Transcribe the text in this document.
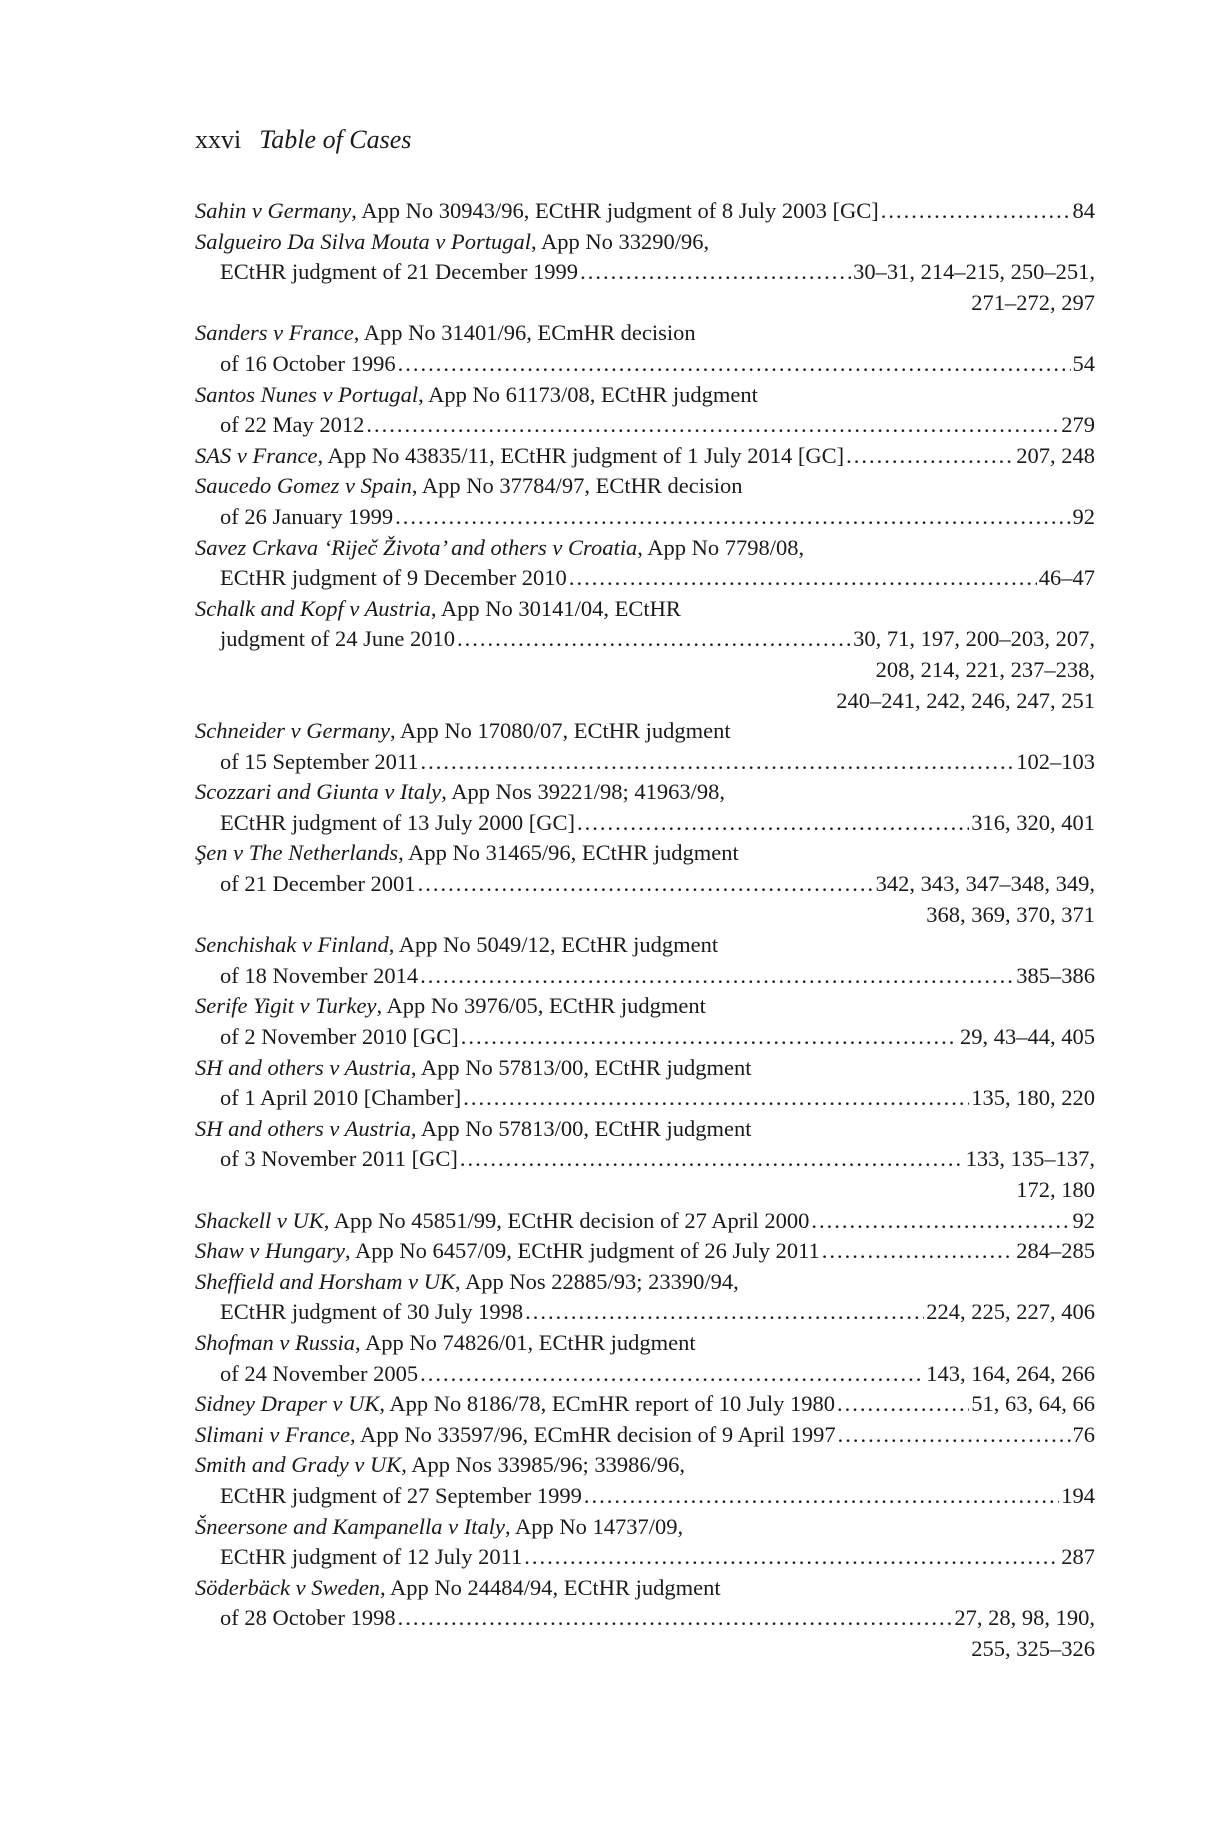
xxvi Table of Cases
Sahin v Germany, App No 30943/96, ECtHR judgment of 8 July 2003 [GC] .....	84
Salgueiro Da Silva Mouta v Portugal, App No 33290/96,
ECtHR judgment of 21 December 1999 .....	30–31, 214–215, 250–251,
271–272, 297
Sanders v France, App No 31401/96, ECmHR decision
of 16 October 1996 .....	54
Santos Nunes v Portugal, App No 61173/08, ECtHR judgment
of 22 May 2012 .....	279
SAS v France, App No 43835/11, ECtHR judgment of 1 July 2014 [GC] .....	207, 248
Saucedo Gomez v Spain, App No 37784/97, ECtHR decision
of 26 January 1999 .....	92
Savez Crkava ‘Riječ Života’ and others v Croatia, App No 7798/08,
ECtHR judgment of 9 December 2010 .....	46–47
Schalk and Kopf v Austria, App No 30141/04, ECtHR
judgment of 24 June 2010 .....	30, 71, 197, 200–203, 207,
208, 214, 221, 237–238,
240–241, 242, 246, 247, 251
Schneider v Germany, App No 17080/07, ECtHR judgment
of 15 September 2011 .....	102–103
Scozzari and Giunta v Italy, App Nos 39221/98; 41963/98,
ECtHR judgment of 13 July 2000 [GC] .....	316, 320, 401
Şen v The Netherlands, App No 31465/96, ECtHR judgment
of 21 December 2001 .....	342, 343, 347–348, 349,
368, 369, 370, 371
Senchishak v Finland, App No 5049/12, ECtHR judgment
of 18 November 2014 .....	385–386
Serife Yigit v Turkey, App No 3976/05, ECtHR judgment
of 2 November 2010 [GC] .....	29, 43–44, 405
SH and others v Austria, App No 57813/00, ECtHR judgment
of 1 April 2010 [Chamber] .....	135, 180, 220
SH and others v Austria, App No 57813/00, ECtHR judgment
of 3 November 2011 [GC] .....	133, 135–137,
172, 180
Shackell v UK, App No 45851/99, ECtHR decision of 27 April 2000 .....	92
Shaw v Hungary, App No 6457/09, ECtHR judgment of 26 July 2011 .....	284–285
Sheffield and Horsham v UK, App Nos 22885/93; 23390/94,
ECtHR judgment of 30 July 1998 .....	224, 225, 227, 406
Shofman v Russia, App No 74826/01, ECtHR judgment
of 24 November 2005 .....	143, 164, 264, 266
Sidney Draper v UK, App No 8186/78, ECmHR report of 10 July 1980 .....	51, 63, 64, 66
Slimani v France, App No 33597/96, ECmHR decision of 9 April 1997 .....	76
Smith and Grady v UK, App Nos 33985/96; 33986/96,
ECtHR judgment of 27 September 1999 .....	194
Šneersone and Kampanella v Italy, App No 14737/09,
ECtHR judgment of 12 July 2011 .....	287
Söderbäck v Sweden, App No 24484/94, ECtHR judgment
of 28 October 1998 .....	27, 28, 98, 190,
255, 325–326
